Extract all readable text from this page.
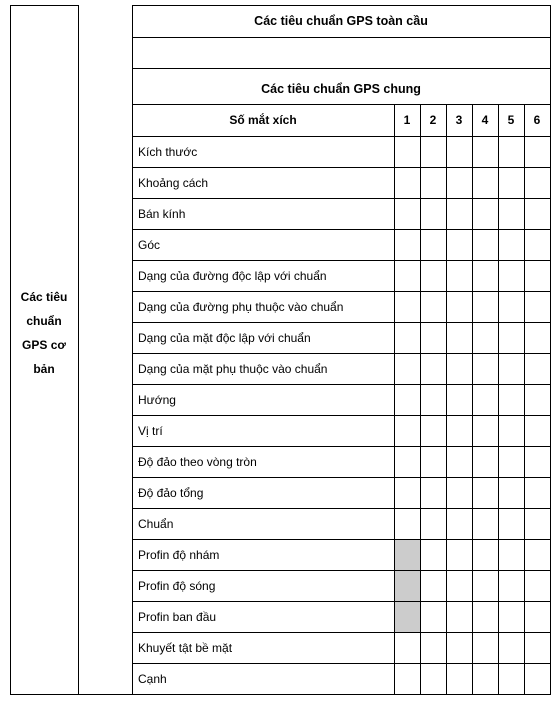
Các tiêu chuẩn GPS toàn cầu
Các tiêu chuẩn GPS chung
Số mắt xích	1	2	3	4	5	6
Kích thước
Khoảng cách
Bán kính
Góc
Dạng của đường độc lập với chuẩn
Dạng của đường phụ thuộc vào chuẩn
Dạng của mặt độc lập với chuẩn
Dạng của mặt phụ thuộc vào chuẩn
Hướng
Vị trí
Độ đảo theo vòng tròn
Độ đảo tổng
Chuẩn
Profin độ nhám
Profin độ sóng
Profin ban đầu
Khuyết tật bề mặt
Cạnh
Các tiêu
chuẩn
GPS cơ
bản
